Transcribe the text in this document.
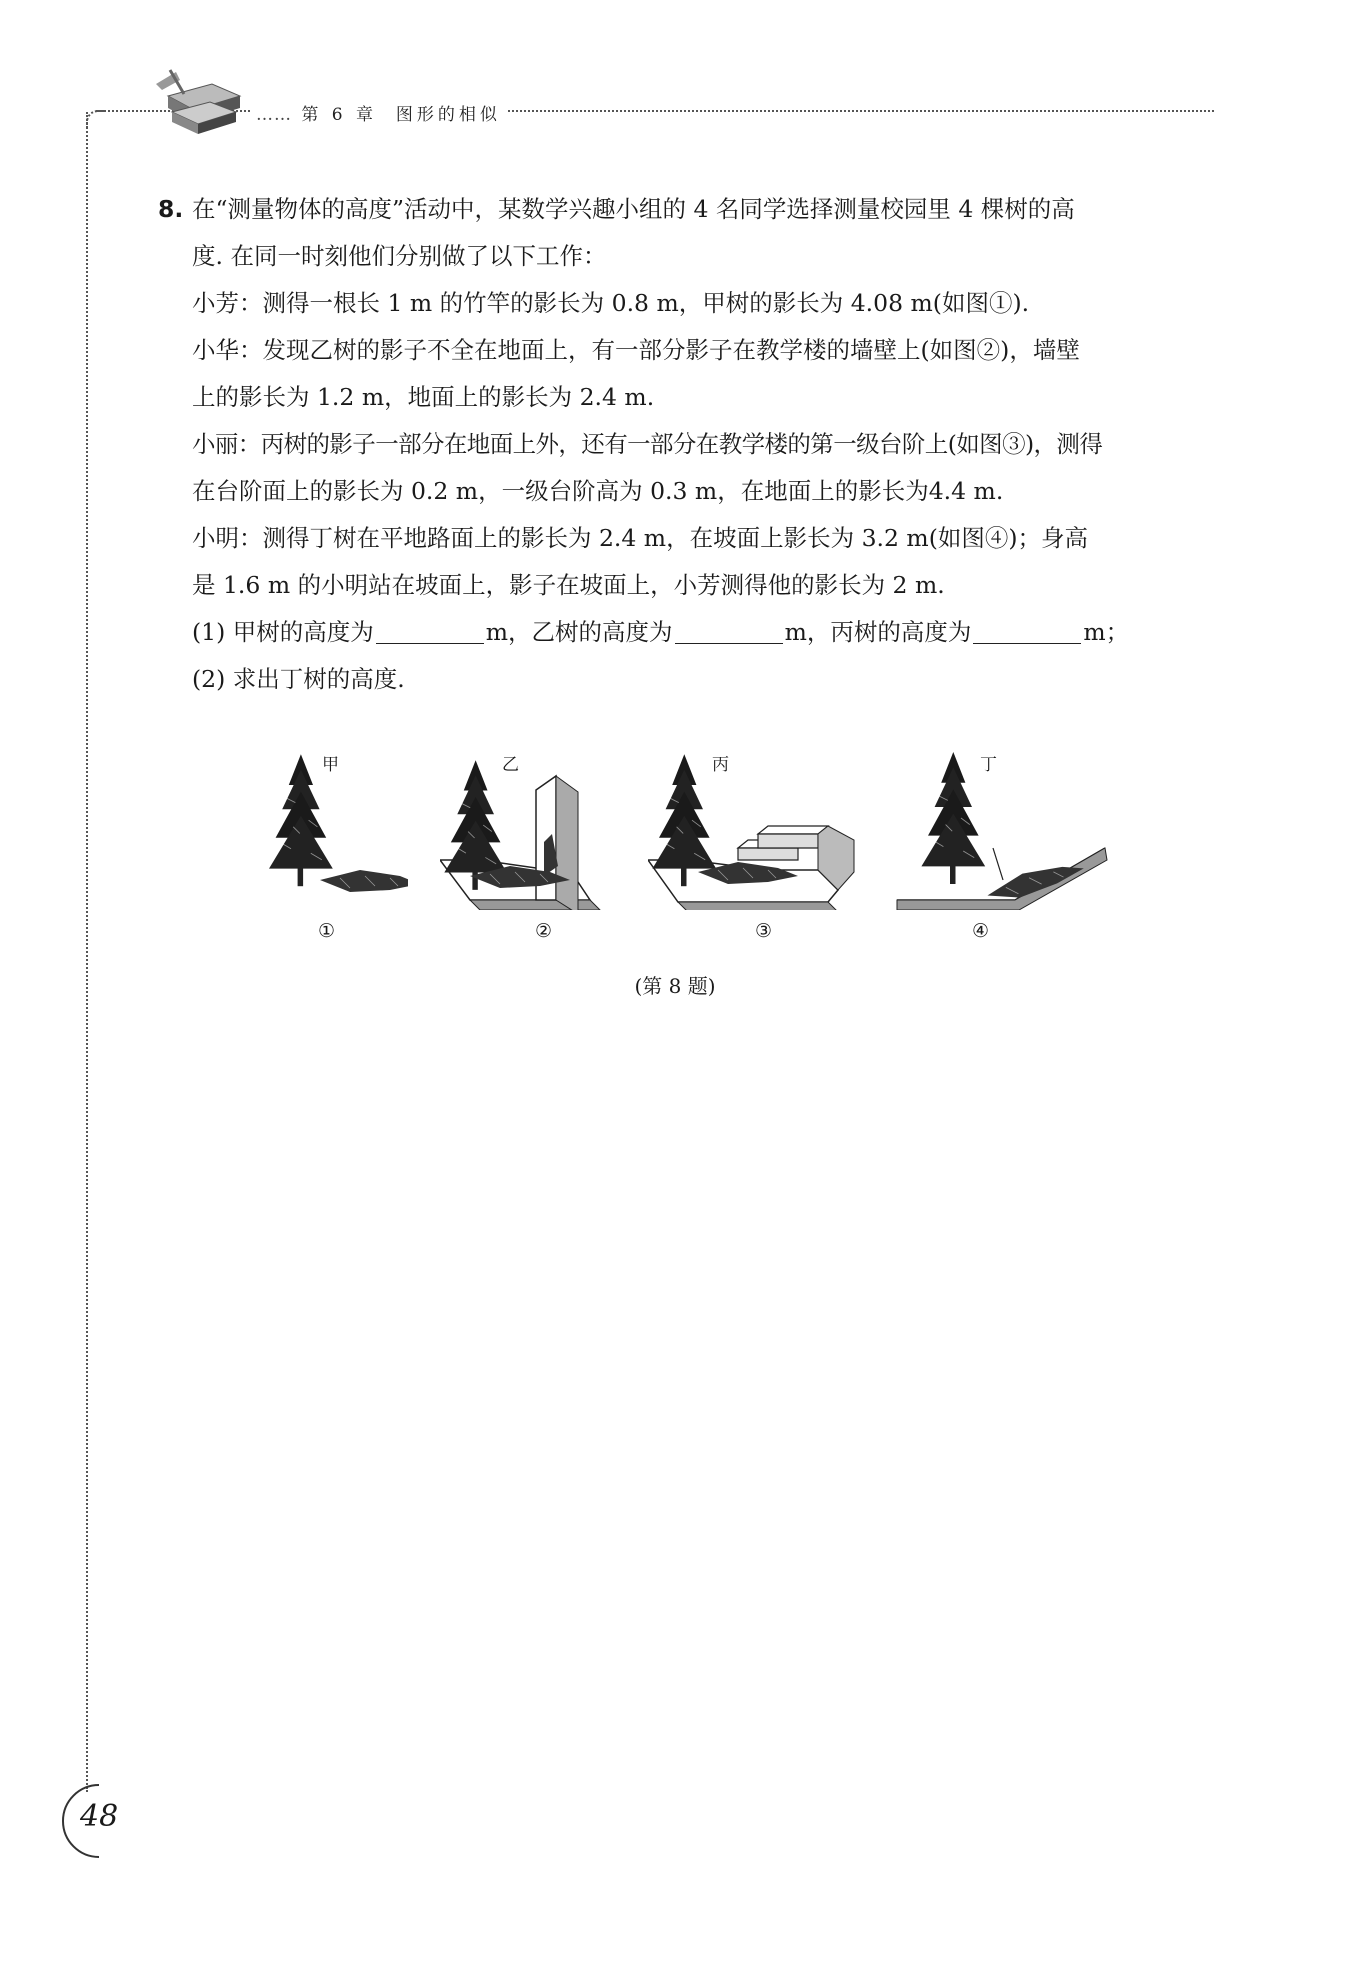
…… 第 6 章 图形的相似
8. 在“测量物体的高度”活动中，某数学兴趣小组的 4 名同学选择测量校园里 4 棵树的高
度. 在同一时刻他们分别做了以下工作：
小芳：测得一根长 1 m 的竹竿的影长为 0.8 m，甲树的影长为 4.08 m(如图①).
小华：发现乙树的影子不全在地面上，有一部分影子在教学楼的墙壁上(如图②)，墙壁
上的影长为 1.2 m，地面上的影长为 2.4 m.
小丽：丙树的影子一部分在地面上外，还有一部分在教学楼的第一级台阶上(如图③)，测得
在台阶面上的影长为 0.2 m，一级台阶高为 0.3 m，在地面上的影长为4.4 m.
小明：测得丁树在平地路面上的影长为 2.4 m，在坡面上影长为 3.2 m(如图④)；身高
是 1.6 m 的小明站在坡面上，影子在坡面上，小芳测得他的影长为 2 m.
(1) 甲树的高度为	m，乙树的高度为	m，丙树的高度为	m；
(2) 求出丁树的高度.
甲
①
乙
②
丙
③
丁
④
(第 8 题)
48
